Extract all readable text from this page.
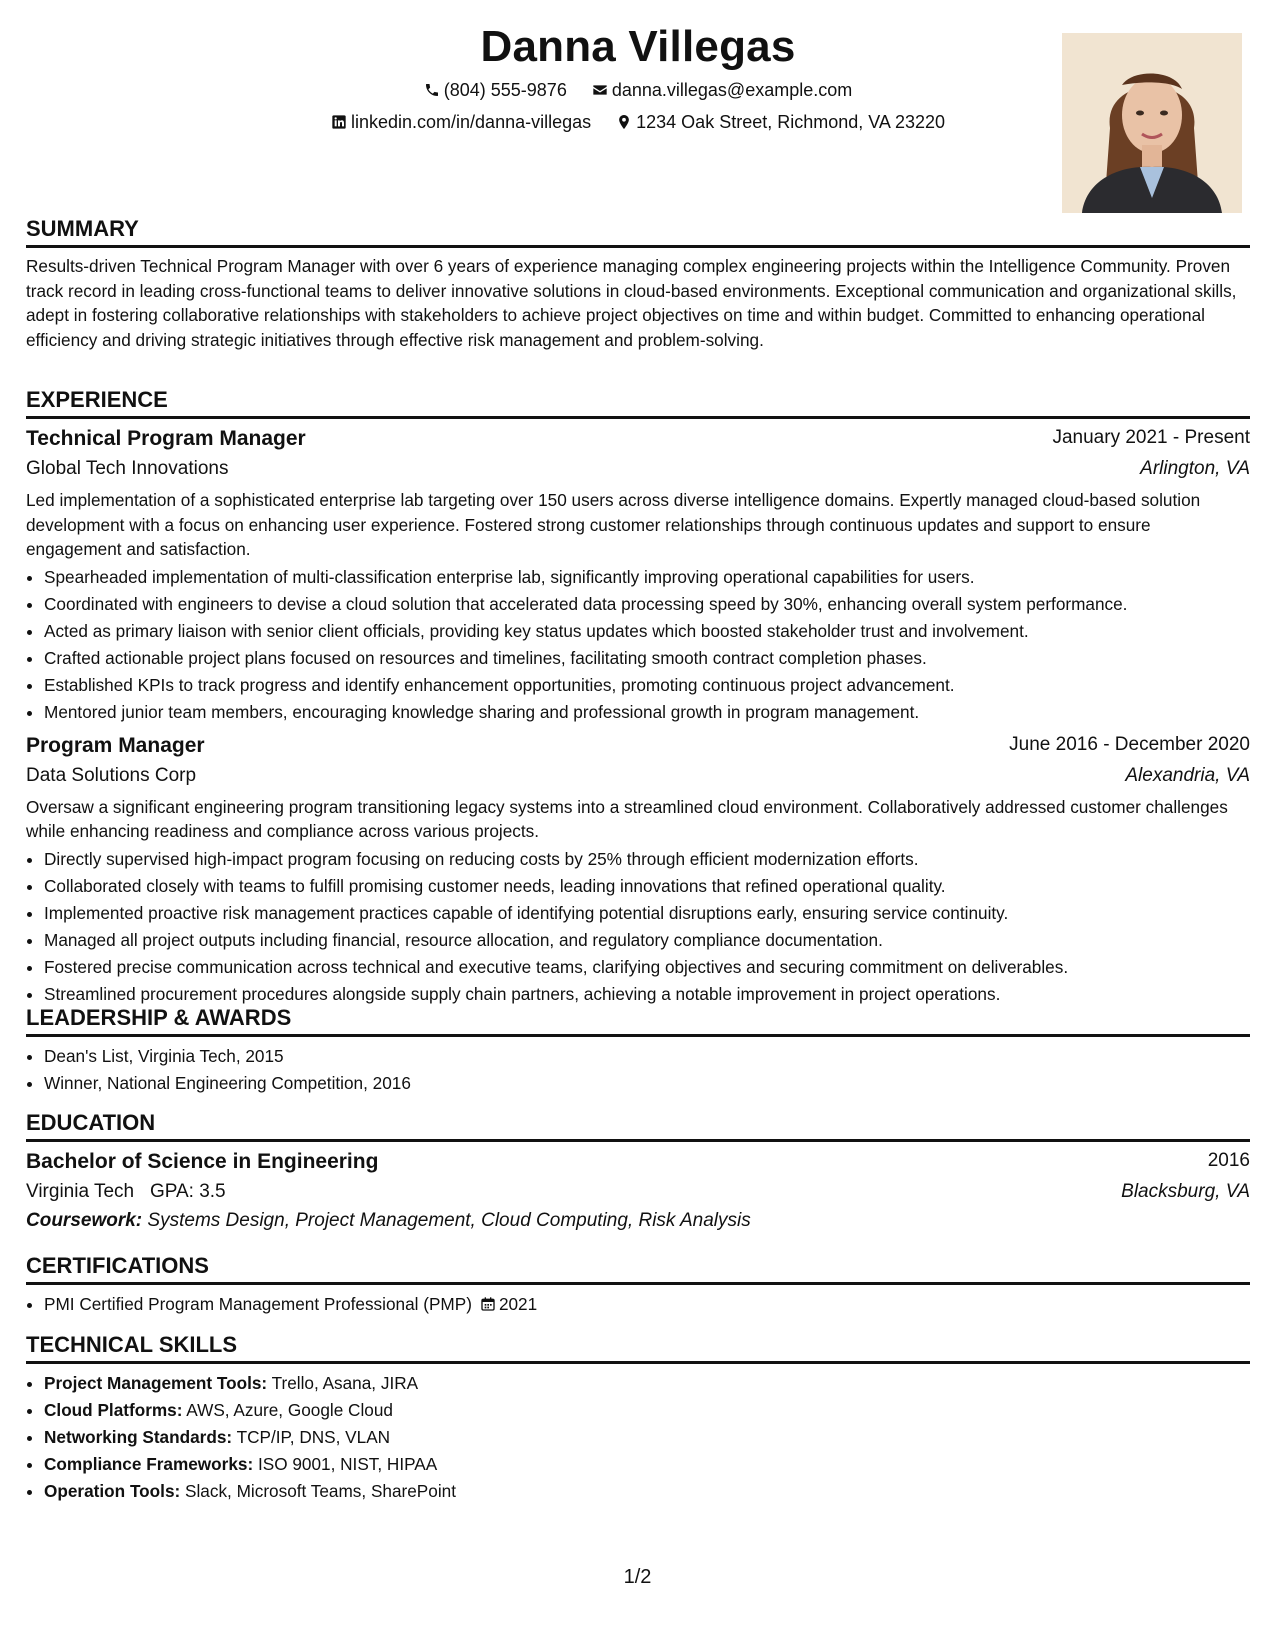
Danna Villegas
(804) 555-9876	danna.villegas@example.com
linkedin.com/in/danna-villegas	1234 Oak Street, Richmond, VA 23220
SUMMARY

Results-driven Technical Program Manager with over 6 years of experience managing complex engineering projects within the Intelligence Community. Proven track record in leading cross-functional teams to deliver innovative solutions in cloud-based environments. Exceptional communication and organizational skills, adept in fostering collaborative relationships with stakeholders to achieve project objectives on time and within budget. Committed to enhancing operational efficiency and driving strategic initiatives through effective risk management and problem-solving.

EXPERIENCE
Technical Program Manager	January 2021 - Present
Global Tech Innovations	Arlington, VA

Led implementation of a sophisticated enterprise lab targeting over 150 users across diverse intelligence domains. Expertly managed cloud-based solution development with a focus on enhancing user experience. Fostered strong customer relationships through continuous updates and support to ensure engagement and satisfaction.

• Spearheaded implementation of multi-classification enterprise lab, significantly improving operational capabilities for users.
• Coordinated with engineers to devise a cloud solution that accelerated data processing speed by 30%, enhancing overall system performance.
• Acted as primary liaison with senior client officials, providing key status updates which boosted stakeholder trust and involvement.
• Crafted actionable project plans focused on resources and timelines, facilitating smooth contract completion phases.
• Established KPIs to track progress and identify enhancement opportunities, promoting continuous project advancement.
• Mentored junior team members, encouraging knowledge sharing and professional growth in program management.
Program Manager	June 2016 - December 2020
Data Solutions Corp	Alexandria, VA

Oversaw a significant engineering program transitioning legacy systems into a streamlined cloud environment. Collaboratively addressed customer challenges while enhancing readiness and compliance across various projects.

• Directly supervised high-impact program focusing on reducing costs by 25% through efficient modernization efforts.
• Collaborated closely with teams to fulfill promising customer needs, leading innovations that refined operational quality.
• Implemented proactive risk management practices capable of identifying potential disruptions early, ensuring service continuity.
• Managed all project outputs including financial, resource allocation, and regulatory compliance documentation.
• Fostered precise communication across technical and executive teams, clarifying objectives and securing commitment on deliverables.
• Streamlined procurement procedures alongside supply chain partners, achieving a notable improvement in project operations.
LEADERSHIP & AWARDS
• Dean's List, Virginia Tech, 2015
• Winner, National Engineering Competition, 2016
EDUCATION
Bachelor of Science in Engineering	2016
Virginia Tech GPA: 3.5	Blacksburg, VA
Coursework: Systems Design, Project Management, Cloud Computing, Risk Analysis
CERTIFICATIONS
• PMI Certified Program Management Professional (PMP) 2021
TECHNICAL SKILLS
• Project Management Tools: Trello, Asana, JIRA
• Cloud Platforms: AWS, Azure, Google Cloud
• Networking Standards: TCP/IP, DNS, VLAN
• Compliance Frameworks: ISO 9001, NIST, HIPAA
• Operation Tools: Slack, Microsoft Teams, SharePoint
1/2
